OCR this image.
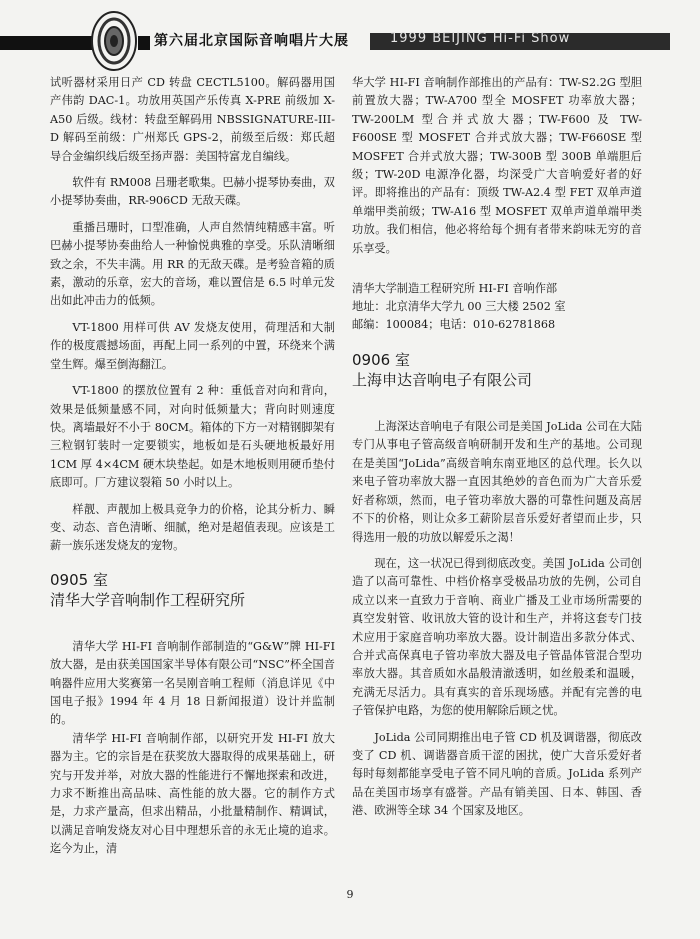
第六届北京国际音响唱片大展	1999 BEIJING Hi-Fi Show

试听器材采用日产 CD 转盘 CECTL5100。解码器用国产伟韵 DAC-1。功放用英国产乐传真 X-PRE 前级加 X-A50 后级。线材：转盘至解码用 NBSSIGNATURE-III-D 解码至前级：广州郑氏 GPS-2，前级至后级：郑氏超导合金编织线后级至扬声器：美国特富龙自编线。

软件有 RM008 吕珊老歌集。巴赫小提琴协奏曲，双小提琴协奏曲，RR-906CD 无敌天碟。

重播吕珊时，口型准确，人声自然情纯精感丰富。听巴赫小提琴协奏曲给人一种愉悦典雅的享受。乐队清晰细致之余，不失丰满。用 RR 的无敌天碟。是考验音箱的质素，激动的乐章，宏大的音场，难以置信是 6.5 吋单元发出如此冲击力的低频。

VT-1800 用样可供 AV 发烧友使用，荷理活和大制作的极度震撼场面，再配上同一系列的中置，环绕来个满堂生辉。爆至倒海翻江。

VT-1800 的摆放位置有 2 种：重低音对向和背向，效果是低频量感不同，对向时低频量大；背向时则速度快。离墙最好不小于 80CM。箱体的下方一对精钢脚架有三粒钢钉装时一定要锁实，地板如是石头硬地板最好用 1CM 厚 4×4CM 硬木块垫起。如是木地板则用硬币垫付底即可。厂方建议裂箱 50 小时以上。

样靓、声靓加上极具竞争力的价格，论其分析力、瞬变、动态、音色清晰、细腻，绝对是超值表现。应该是工薪一族乐迷发烧友的宠物。

0905 室
清华大学音响制作工程研究所

清华大学 HI-FI 音响制作部制造的“G&W”牌 HI-FI 放大器，是由获美国国家半导体有限公司“NSC”杯全国音响器件应用大奖赛第一名吴刚音响工程师（消息详见《中国电子报》1994 年 4 月 18 日新闻报道）设计并监制的。

清华学 HI-FI 音响制作部，以研究开发 HI-FI 放大器为主。它的宗旨是在获奖放大器取得的成果基础上，研究与开发并举，对放大器的性能进行不懈地探索和改进，力求不断推出高品味、高性能的放大器。它的制作方式是，力求产量高，但求出精品，小批量精制作、精调试，以满足音响发烧友对心目中理想乐音的永无止境的追求。迄今为止，清

华大学 HI-FI 音响制作部推出的产品有：TW-S2.2G 型胆前置放大器；TW-A700 型全 MOSFET 功率放大器；TW-200LM 型合并式放大器；TW-F600 及 TW-F600SE 型 MOSFET 合并式放大器；TW-F660SE 型 MOSFET 合并式放大器；TW-300B 型 300B 单端胆后级；TW-20D 电源净化器，均深受广大音响爱好者的好评。即将推出的产品有：顶级 TW-A2.4 型 FET 双单声道单端甲类前级；TW-A16 型 MOSFET 双单声道单端甲类功放。我们相信，他必将给每个拥有者带来韵味无穷的音乐享受。

清华大学制造工程研究所 HI-FI 音响作部

地址：北京清华大学九 00 三大楼 2502 室

邮编：100084；电话：010-62781868

0906 室
上海申达音响电子有限公司

上海深达音响电子有限公司是美国 JoLida 公司在大陆专门从事电子管高级音响研制开发和生产的基地。公司现在是美国“JoLida”高级音响东南亚地区的总代理。长久以来电子管功率放大器一直因其绝妙的音色而为广大音乐爱好者称颂，然而，电子管功率放大器的可靠性问题及高居不下的价格，则让众多工薪阶层音乐爱好者望而止步，只得选用一般的功放以解爱乐之渴！

现在，这一状况已得到彻底改变。美国 JoLida 公司创造了以高可靠性、中档价格享受极品功放的先例，公司自成立以来一直致力于音响、商业广播及工业市场所需要的真空发射管、收讯放大管的设计和生产，并将这套专门技术应用于家庭音响功率放大器。设计制造出多款分体式、合并式高保真电子管功率放大器及电子管晶体管混合型功率放大器。其音质如水晶般清澈透明，如丝般柔和温暖，充满无尽活力。具有真实的音乐现场感。并配有完善的电子管保护电路，为您的使用解除后顾之忧。

JoLida 公司同期推出电子管 CD 机及调谐器，彻底改变了 CD 机、调谐器音质干涩的困扰，使广大音乐爱好者每时每刻都能享受电子管不同凡响的音质。JoLida 系列产品在美国市场享有盛誉。产品有销美国、日本、韩国、香港、欧洲等全球 34 个国家及地区。

9
